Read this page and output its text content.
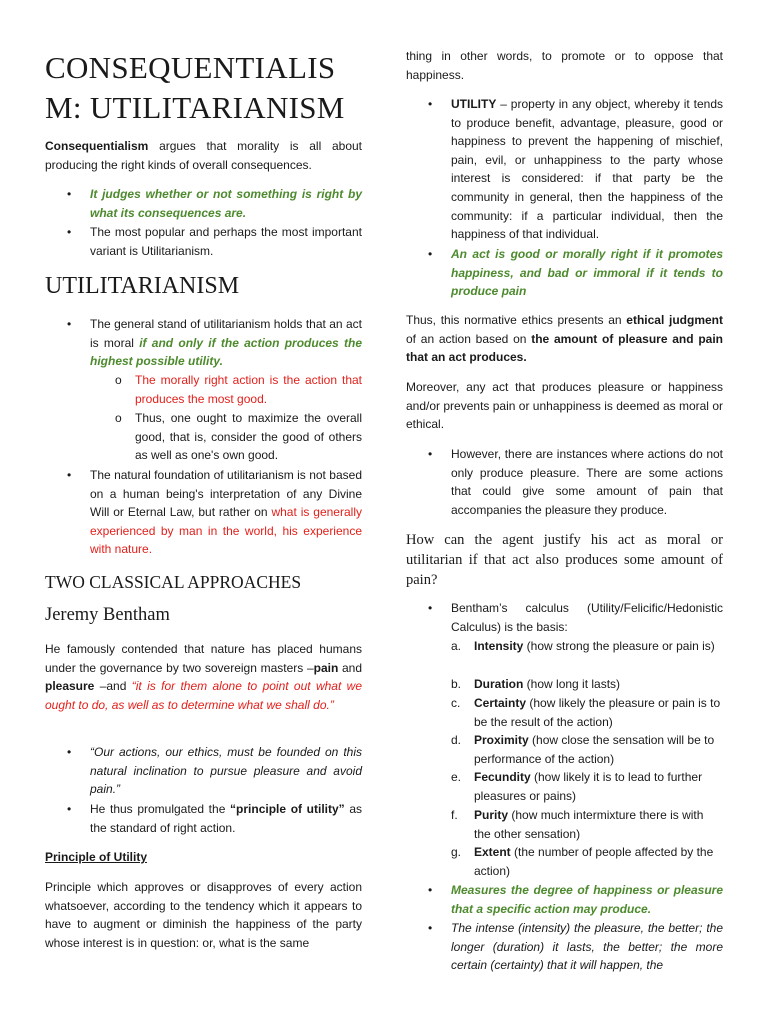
CONSEQUENTIALIS
M: UTILITARIANISM

Consequentialism argues that morality is all about producing the right kinds of overall consequences.

• It judges whether or not something is right by what its consequences are.

• The most popular and perhaps the most important variant is Utilitarianism.

UTILITARIANISM
• The general stand of utilitarianism holds that an act is moral if and only if the action produces the highest possible utility.

o The morally right action is the action that produces the most good.

o Thus, one ought to maximize the overall good, that is, consider the good of others as well as one's own good.

• The natural foundation of utilitarianism is not based on a human being's interpretation of any Divine Will or Eternal Law, but rather on what is generally experienced by man in the world, his experience with nature.

TWO CLASSICAL APPROACHES
Jeremy Bentham

He famously contended that nature has placed humans under the governance by two sovereign masters –pain and pleasure –and “it is for them alone to point out what we ought to do, as well as to determine what we shall do.”

• “Our actions, our ethics, must be founded on this natural inclination to pursue pleasure and avoid pain.”

• He thus promulgated the “principle of utility” as the standard of right action.

Principle of Utility

Principle which approves or disapproves of every action whatsoever, according to the tendency which it appears to have to augment or diminish the happiness of the party whose interest is in question: or, what is the same

thing in other words, to promote or to oppose that happiness.

• UTILITY – property in any object, whereby it tends to produce benefit, advantage, pleasure, good or happiness to prevent the happening of mischief, pain, evil, or unhappiness to the party whose interest is considered: if that party be the community in general, then the happiness of the community: if a particular individual, then the happiness of that individual.

• An act is good or morally right if it promotes happiness, and bad or immoral if it tends to produce pain

Thus, this normative ethics presents an ethical judgment of an action based on the amount of pleasure and pain that an act produces.

Moreover, any act that produces pleasure or happiness and/or prevents pain or unhappiness is deemed as moral or ethical.

• However, there are instances where actions do not only produce pleasure. There are some actions that could give some amount of pain that accompanies the pleasure they produce.

How can the agent justify his act as moral or utilitarian if that act also produces some amount of pain?

• Bentham’s calculus (Utility/Felicific/Hedonistic Calculus) is the basis:

a. Intensity (how strong the pleasure or pain is)

b. Duration (how long it lasts)

c. Certainty (how likely the pleasure or pain is to be the result of the action)

d. Proximity (how close the sensation will be to performance of the action)

e. Fecundity (how likely it is to lead to further pleasures or pains)

f. Purity (how much intermixture there is with the other sensation)

g. Extent (the number of people affected by the action)

• Measures the degree of happiness or pleasure that a specific action may produce.

• The intense (intensity) the pleasure, the better; the longer (duration) it lasts, the better; the more certain (certainty) that it will happen, the
